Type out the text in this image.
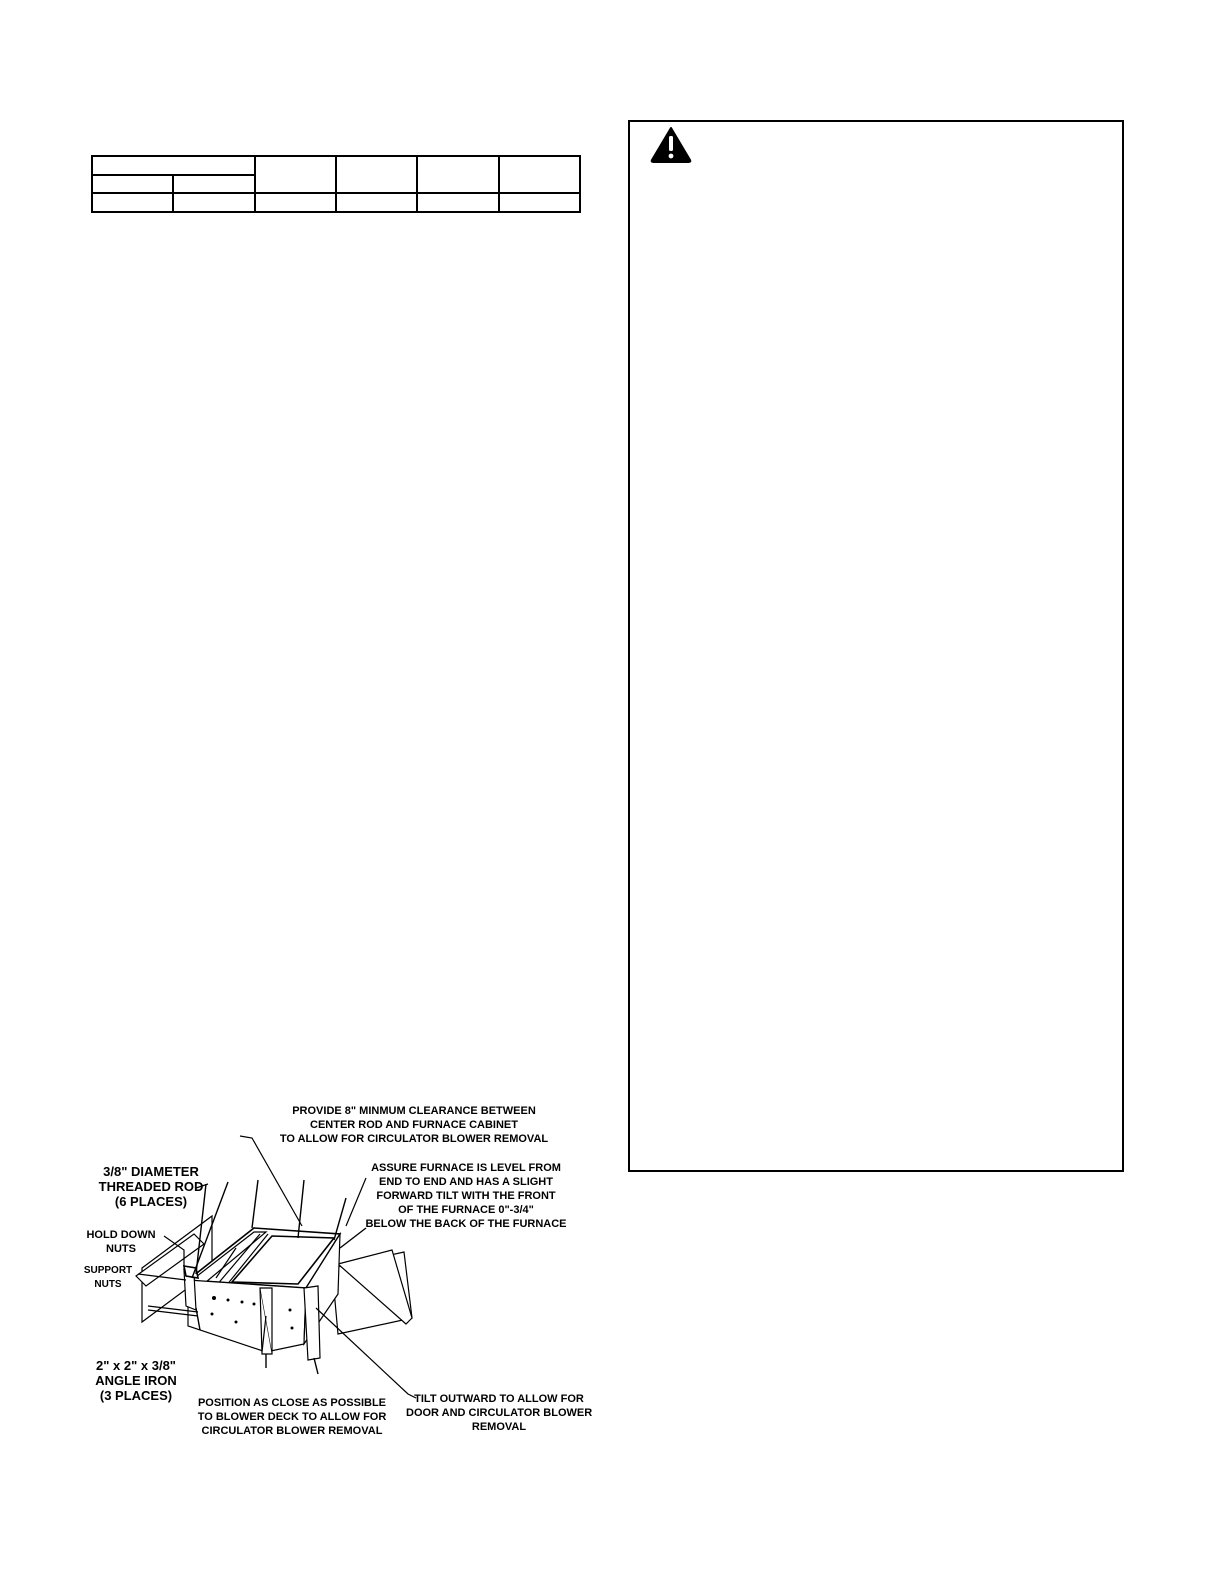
PROVIDE 8" MINMUM CLEARANCE BETWEEN
CENTER ROD AND FURNACE CABINET
TO ALLOW FOR CIRCULATOR BLOWER REMOVAL
3/8" DIAMETER
THREADED ROD
(6 PLACES)
ASSURE FURNACE IS LEVEL FROM
END TO END AND HAS A SLIGHT
FORWARD TILT WITH THE FRONT
OF THE FURNACE 0"-3/4"
BELOW THE BACK OF THE FURNACE
HOLD DOWN
NUTS
SUPPORT
NUTS
2" x 2" x 3/8"
ANGLE IRON
(3 PLACES)	POSITION AS CLOSE AS POSSIBLE
TO BLOWER DECK TO ALLOW FOR
CIRCULATOR BLOWER REMOVAL
TILT OUTWARD TO ALLOW FOR
DOOR AND CIRCULATOR BLOWER
REMOVAL
